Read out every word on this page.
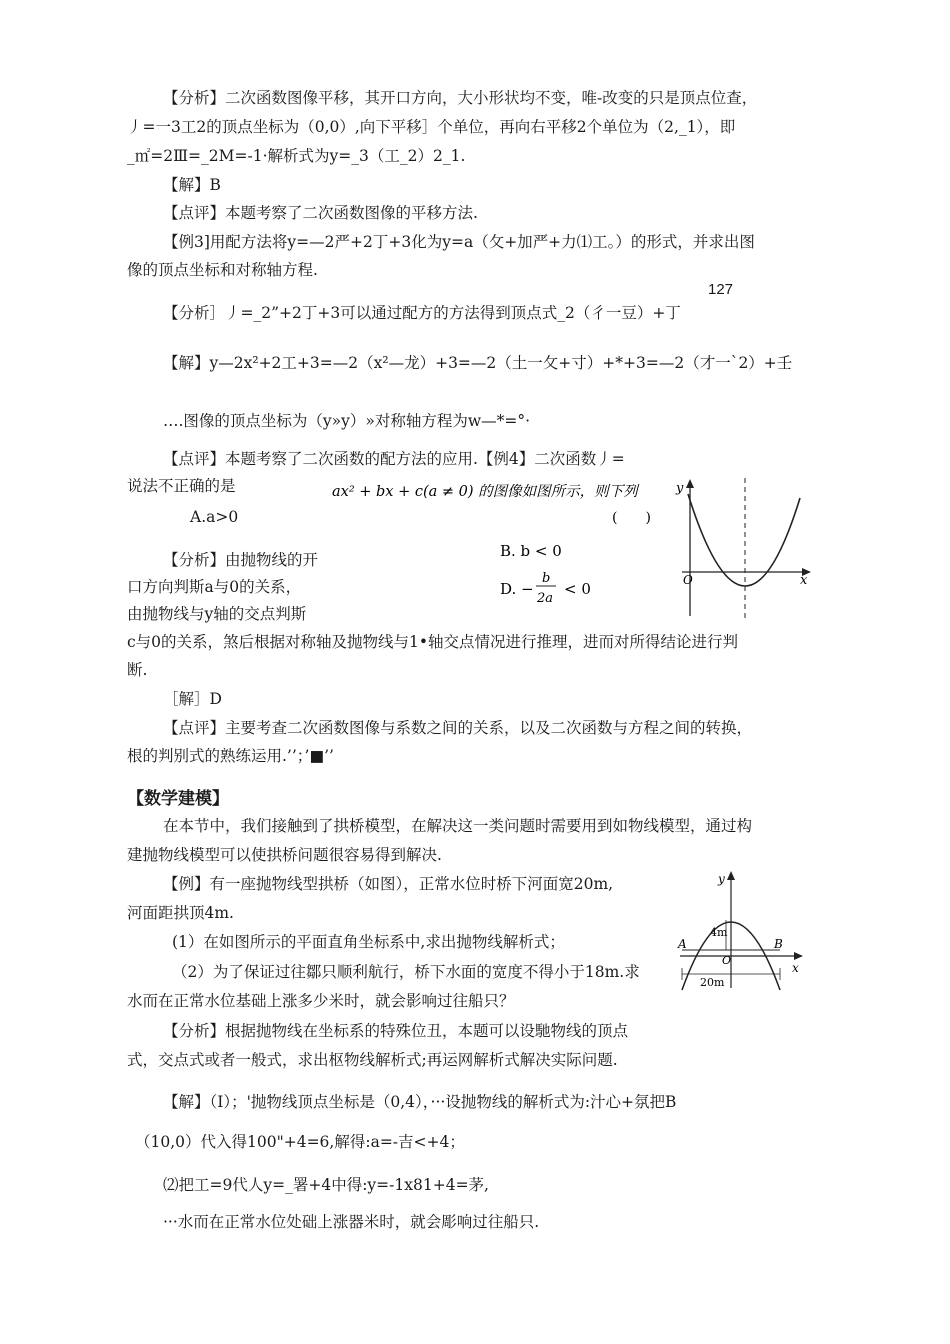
127
【分析】二次函数图像平移，其开口方向，大小形状均不变，唯-改变的只是顶点位查，
丿=一3工2的顶点坐标为（0,0）,向下平移］个单位，再向右平移2个单位为（2,_1），即
_㎡=2Ⅲ=_2M=-1·解析式为y=_3（工_2）2_1.
【解】B
【点评】本题考察了二次函数图像的平移方法.
【例3]用配方法将y=—2严+2丁+3化为y=a（攵+加严+力⑴工。）的形式，并求出图
像的顶点坐标和对称轴方程.
【分析］丿=_2”+2丁+3可以通过配方的方法得到顶点式_2（彳一豆）+丁
【解】y—2x²+2工+3=—2（x²—龙）+3=—2（土一攵+寸）+*+3=—2（才一`2）+壬
….图像的顶点坐标为（y»y）»对称轴方程为w—*=°·
【点评】本题考察了二次函数的配方法的应用.【例4】二次函数丿=
说法不正确的是
A.a>0
【分析】由抛物线的开
口方向判斯a与0的关系，
由抛物线与y轴的交点判斯
c与0的关系，煞后根据对称轴及抛物线与1•轴交点情况进行推理，进而对所得结论进行判
断.
［解］D
【点评】主要考查二次函数图像与系数之间的关系，以及二次函数与方程之间的转换，
根的判别式的熟练运用.’’；’■’’
【数学建模】
在本节中，我们接触到了拱桥模型，在解决这一类问题时需要用到如物线模型，通过构
建抛物线模型可以使拱桥问题很容易得到解决.
【例】有一座抛物线型拱桥（如图），正常水位时桥下河面宽20m,
河面距拱顶4m.
(1）在如图所示的平面直角坐标系中,求出抛物线解析式；
（2）为了保证过往鄒只顺利航行，桥下水面的宽度不得小于18m.求
水而在正常水位基础上涨多少米时，就会影响过往船只？
【分析】根据抛物线在坐标系的特殊位丑，本题可以设馳物线的顶点
式，交点式或者一般式，求出枢物线解析式;再运网解析式解决实际问题.
【解】（I）；'抛物线顶点坐标是（0,4），···设抛物线的解析式为:汁心+氛把B
（10,0）代入得100"+4=6,解得:a=-吉<+4；
⑵把工=9代人y=_署+4中得:y=-1x81+4=茅,
···水而在正常水位处础上涨器米时，就会彫响过往船只.
ax² + bx + c(a ≠ 0) 的图像如图所示，则下列
(　　)
B. b < 0
D. −
b
2a
< 0
y
x
O
y
x
4m
A	B
O
20m
